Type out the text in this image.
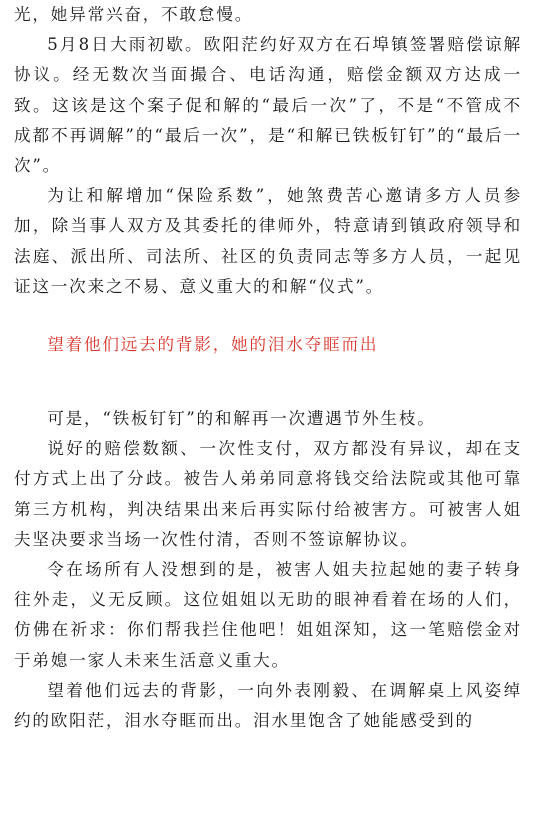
光，她异常兴奋，不敢怠慢。

5月8日大雨初歇。欧阳茫约好双方在石埠镇签署赔偿谅解协议。经无数次当面撮合、电话沟通，赔偿金额双方达成一致。这该是这个案子促和解的“最后一次”了，不是“不管成不成都不再调解”的“最后一次”，是“和解已铁板钉钉”的“最后一次”。

为让和解增加“保险系数”，她煞费苦心邀请多方人员参加，除当事人双方及其委托的律师外，特意请到镇政府领导和法庭、派出所、司法所、社区的负责同志等多方人员，一起见证这一次来之不易、意义重大的和解“仪式”。

望着他们远去的背影，她的泪水夺眶而出

可是，“铁板钉钉”的和解再一次遭遇节外生枝。

说好的赔偿数额、一次性支付，双方都没有异议，却在支付方式上出了分歧。被告人弟弟同意将钱交给法院或其他可靠第三方机构，判决结果出来后再实际付给被害方。可被害人姐夫坚决要求当场一次性付清，否则不签谅解协议。

令在场所有人没想到的是，被害人姐夫拉起她的妻子转身往外走，义无反顾。这位姐姐以无助的眼神看着在场的人们，仿佛在祈求：你们帮我拦住他吧！姐姐深知，这一笔赔偿金对于弟媳一家人未来生活意义重大。

望着他们远去的背影，一向外表刚毅、在调解桌上风姿绰约的欧阳茫，泪水夺眶而出。泪水里饱含了她能感受到的
